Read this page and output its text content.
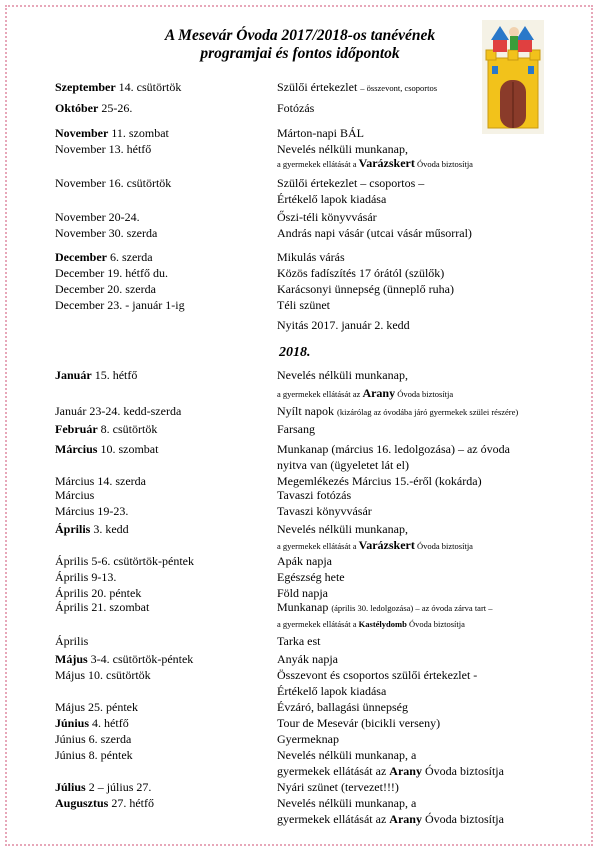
A Mesevár Óvoda 2017/2018-os tanévének
programjai és fontos időpontok
Szeptember 14. csütörtök	Szülői értekezlet – összevont, csoportos
Október 25-26.	Fotózás
November 11. szombat	Márton-napi BÁL
November 13. hétfő	Nevelés nélküli munkanap,
a gyermekek ellátását a Varázskert Óvoda biztosítja
November 16. csütörtök	Szülői értekezlet – csoportos –
Értékelő lapok kiadása
November 20-24.	Őszi-téli könyvvásár
November 30. szerda	András napi vásár (utcai vásár műsorral)
December 6. szerda	Mikulás várás
December 19. hétfő du.	Közös fadíszítés 17 órától (szülők)
December 20. szerda	Karácsonyi ünnepség (ünneplő ruha)
December 23. - január 1-ig	Téli szünet
Nyitás 2017. január 2. kedd
Január 15. hétfő	Nevelés nélküli munkanap,
a gyermekek ellátását az Arany Óvoda biztosítja
Január 23-24. kedd-szerda	Nyílt napok (kizárólag az óvodába járó gyermekek szülei részére)
Február 8. csütörtök	Farsang
Március 10. szombat	Munkanap (március 16. ledolgozása) – az óvoda
nyitva van (ügyeletet lát el)
Március 14. szerda	Megemlékezés Március 15.-éről (kokárda)
Március	Tavaszi fotózás
Március 19-23.	Tavaszi könyvvásár
Április 3. kedd	Nevelés nélküli munkanap,
a gyermekek ellátását a Varázskert Óvoda biztosítja
Április 5-6. csütörtök-péntek	Apák napja
Április 9-13.	Egészség hete
Április 20. péntek	Föld napja
Április 21. szombat	Munkanap (április 30. ledolgozása) – az óvoda zárva tart –
a gyermekek ellátását a Kastélydomb Óvoda biztosítja
Április	Tarka est
Május 3-4. csütörtök-péntek	Anyák napja
Május 10. csütörtök	Összevont és csoportos szülői értekezlet -
Értékelő lapok kiadása
Május 25. péntek	Évzáró, ballagási ünnepség
Június 4. hétfő	Tour de Mesevár (bicikli verseny)
Június 6. szerda	Gyermeknap
Június 8. péntek	Nevelés nélküli munkanap, a
gyermekek ellátását az Arany Óvoda biztosítja
Július 2 – július 27.	Nyári szünet (tervezet!!!)
Augusztus 27. hétfő	Nevelés nélküli munkanap, a
gyermekek ellátását az Arany Óvoda biztosítja
2018.
